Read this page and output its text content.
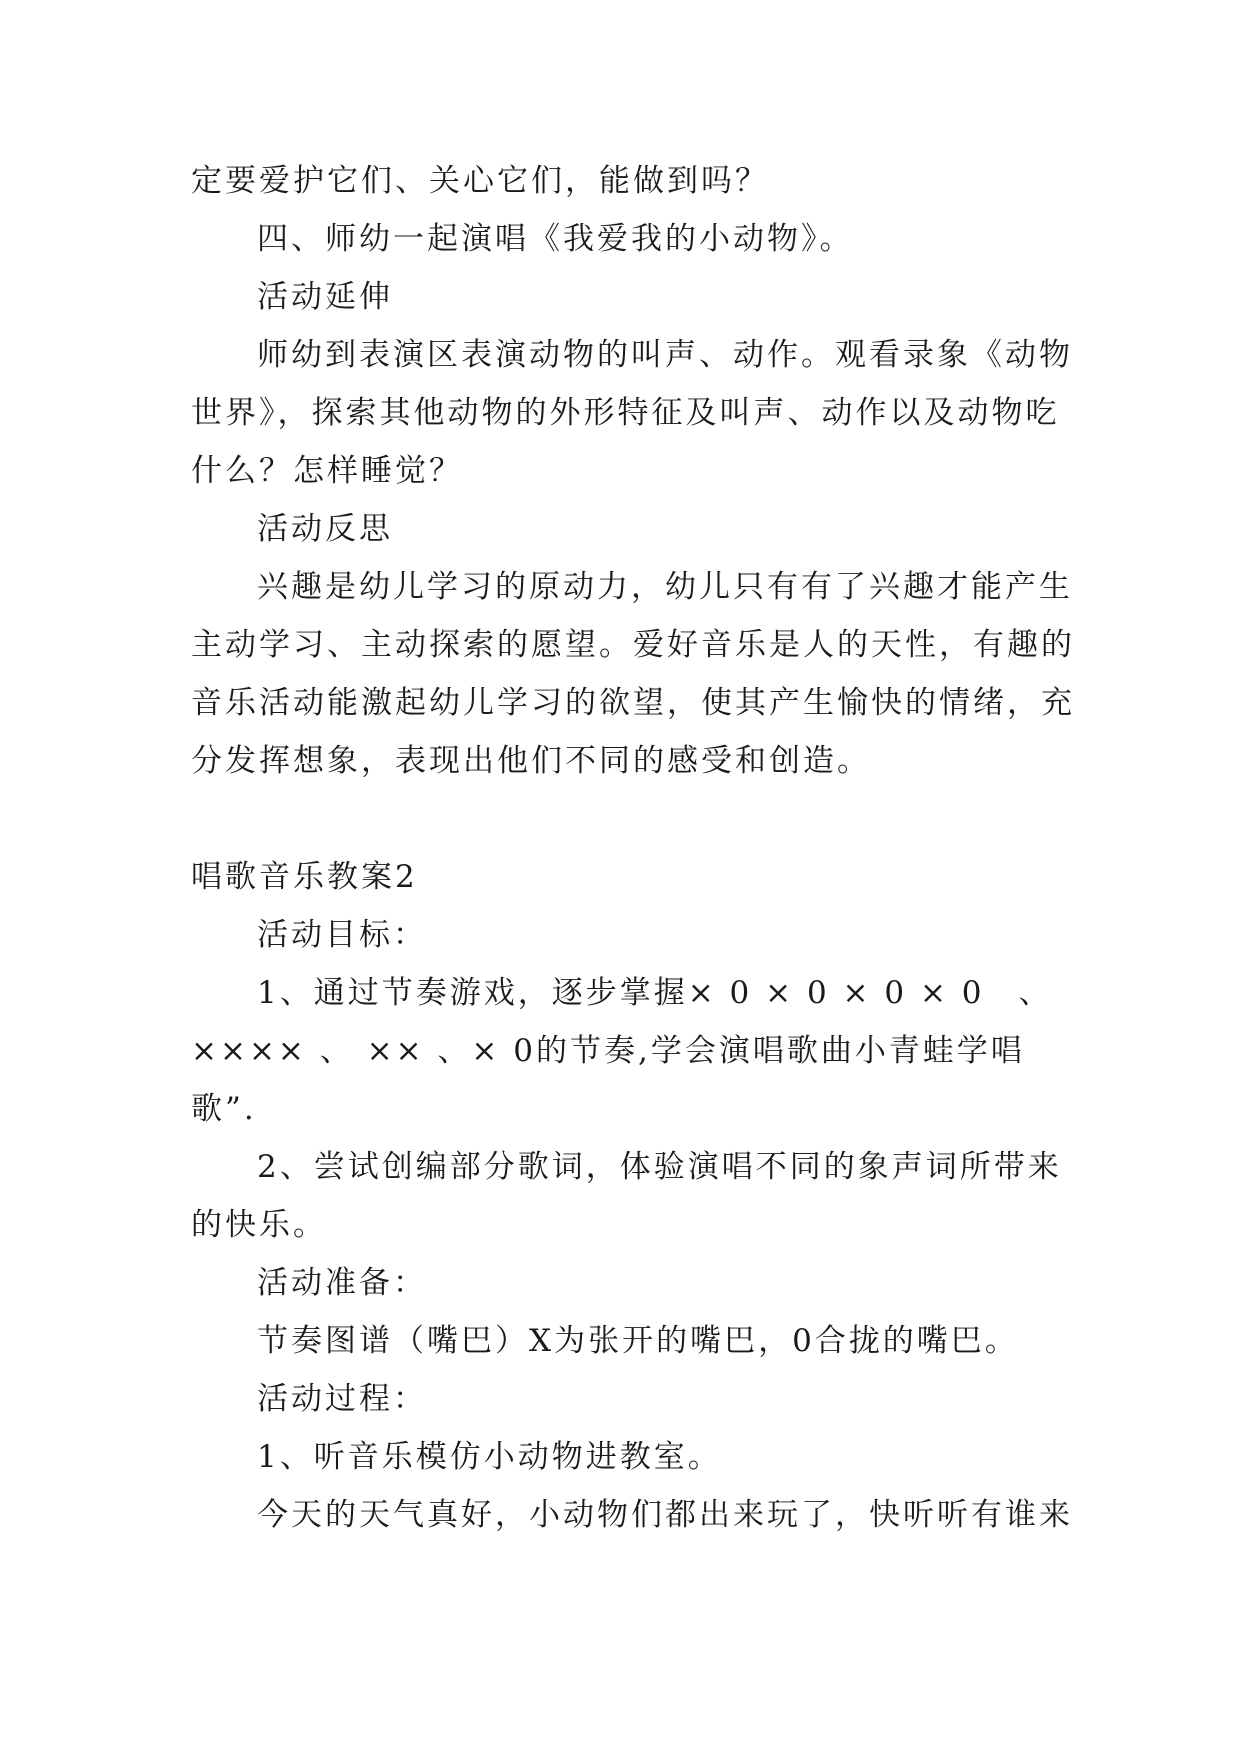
定要爱护它们、关心它们，能做到吗？
四、师幼一起演唱《我爱我的小动物》。
活动延伸
师幼到表演区表演动物的叫声、动作。观看录象《动物
世界》，探索其他动物的外形特征及叫声、动作以及动物吃
什么？怎样睡觉？
活动反思
兴趣是幼儿学习的原动力，幼儿只有有了兴趣才能产生
主动学习、主动探索的愿望。爱好音乐是人的天性，有趣的
音乐活动能激起幼儿学习的欲望，使其产生愉快的情绪，充
分发挥想象，表现出他们不同的感受和创造。
唱歌音乐教案2
活动目标：
1、通过节奏游戏，逐步掌握× 0 × 0 × 0 × 0　、
×××× 、 ×× 、× 0的节奏,学会演唱歌曲小青蛙学唱
歌”.
2、尝试创编部分歌词，体验演唱不同的象声词所带来
的快乐。
活动准备：
节奏图谱（嘴巴）X为张开的嘴巴，0合拢的嘴巴。
活动过程：
1、听音乐模仿小动物进教室。
今天的天气真好，小动物们都出来玩了，快听听有谁来
